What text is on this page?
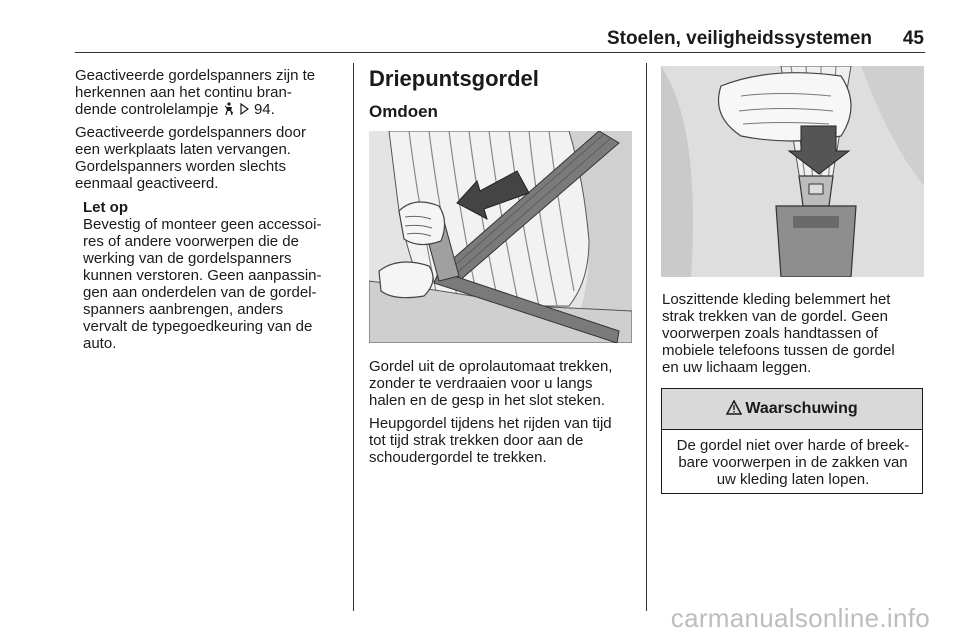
Stoelen, veiligheidssystemen 45
Geactiveerde gordelspanners zijn te
herkennen aan het continu bran-
dende controlelampje 94.
Geactiveerde gordelspanners door
een werkplaats laten vervangen.
Gordelspanners worden slechts
eenmaal geactiveerd.
Let op
Bevestig of monteer geen accessoi-
res of andere voorwerpen die de
werking van de gordelspanners
kunnen verstoren. Geen aanpassin-
gen aan onderdelen van de gordel-
spanners aanbrengen, anders
vervalt de typegoedkeuring van de
auto.
Driepuntsgordel
Omdoen
Gordel uit de oprolautomaat trekken,
zonder te verdraaien voor u langs
halen en de gesp in het slot steken.
Heupgordel tijdens het rijden van tijd
tot tijd strak trekken door aan de
schoudergordel te trekken.
Loszittende kleding belemmert het
strak trekken van de gordel. Geen
voorwerpen zoals handtassen of
mobiele telefoons tussen de gordel
en uw lichaam leggen.
Waarschuwing
De gordel niet over harde of breek-
bare voorwerpen in de zakken van
uw kleding laten lopen.
carmanualsonline.info
